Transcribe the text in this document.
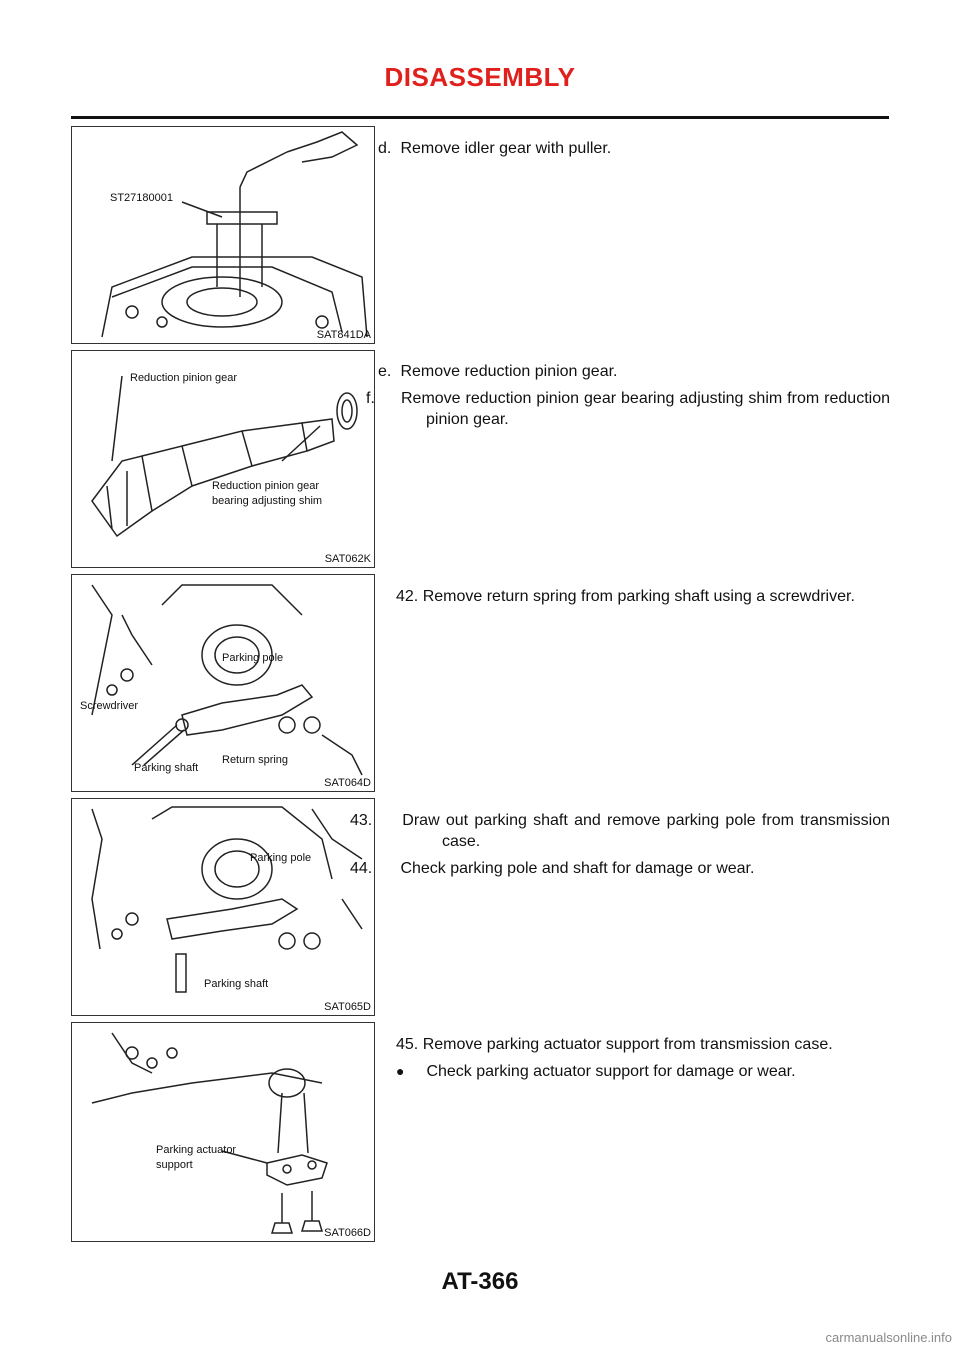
DISASSEMBLY
ST27180001
SAT841DA
Reduction pinion gear
Reduction pinion gear
bearing adjusting shim
SAT062K
Parking pole
Screwdriver
Return spring
Parking shaft
SAT064D
Parking pole
Parking shaft
SAT065D
Parking actuator
support
SAT066D
d. Remove idler gear with puller.
e. Remove reduction pinion gear.
Remove reduction pinion gear bearing adjusting shim from reduction pinion gear.
42. Remove return spring from parking shaft using a screwdriver.
Draw out parking shaft and remove parking pole from transmission case.
Check parking pole and shaft for damage or wear.
45. Remove parking actuator support from transmission case.
● Check parking actuator support for damage or wear.
AT-366
carmanualsonline.info
